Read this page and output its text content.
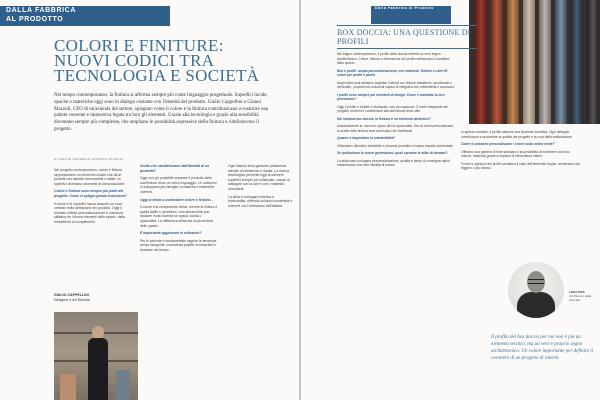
DALLA FABBRICA
AL PRODOTTO
COLORI E FINITURE: NUOVI CODICI TRA TECNOLOGIA E SOCIETÀ
Nel tempo contemporaneo, la finitura si afferma sempre più come linguaggio progettuale. Superfici lucide, opache o materiche oggi sono in dialogo costante con l'identità del prodotto. Giulio Cappellini e Gianni Mazzoli, CEO di un'azienda del settore, spiegano come il colore e la finitura contribuiscano a costruire una palette coerente e immersiva legata tra loro gli elementi. Grazie alla tecnologia e grazie alla sensibilità diventano sempre più complesse, che ampliano le possibilità espressive della finitura e ridefiniscono il progetto.
A CURA DI FEDERICO GIORGINI BIANCHI

Nel progetto contemporaneo, colore e finitura rappresentano un elemento chiave che dà ai prodotti una identità riconoscibile e tattile. Le superfici diventano strumenti di comunicazione.

Colore e finitura sono sempre più parte del progetto. Come si spiega questa evoluzione?

Il colore e le superfici hanno assunto un ruolo centrale nella definizione del prodotto. Oggi il mercato chiede personalizzazione e coerenza stilistica tra i diversi elementi dello spazio, dalla rubinetteria ai complementi.

Scelta che caratterizzano dall'identità di un prodotto?

Oggi non più possibile separare il prodotto dalla sua finitura: sono un unico linguaggio. Le collezioni si sviluppano per famiglie cromatiche e materiche coerenti.

Oggi si tende a confondere colore e finitura...

Il colore è la componente visiva, mentre la finitura è quella tattile e percettiva. Una stessa tinta può risultare molto diversa se opaca, lucida o spazzolata. La differenza influenza la percezione dello spazio.

È importante aggiornare le collezioni?

Per le aziende è fondamentale seguire le tendenze senza inseguirle, costruendo palette riconoscibili e durature nel tempo.

Ogni finitura deve garantire prestazioni elevate di resistenza e durata. La ricerca tecnologica permette oggi di ottenere superfici sempre più sofisticate, capaci di dialogare con la luce e con i materiali circostanti.

La sfida è coniugare estetica e funzionalità, offrendo soluzioni sostenibili e coerenti con l'evoluzione dell'abitare.

GIULIO CAPPELLINI
Designer e Art Director
Dalla Fabbrica al Prodotto
Intervista
BOX DOCCIA: UNA QUESTIONE DI PROFILI

Nel bagno contemporaneo, il profilo della doccia diventa un vero segno architettonico. Colore, finitura e dimensione del profilo definiscono il carattere dello spazio.

Box e profili: ampia personalizzazione, con materiali, finiture e oltre 60 colori per profili e pareti.

Negli ultimi anni abbiamo ampliato l'offerta con finiture metalliche, anodizzate e verniciate, proponendo soluzioni capaci di integrarsi con rubinetteria e accessori.

I profili sono sempre più elementi di design. Come è cambiata la loro percezione?

Oggi il profilo è visibile e dichiarato, non più nascosto. È parte integrante del progetto d'interni e contribuisce alla definizione dello stile.

Nel sistema box doccia, la finitura è un elemento distintivo?

Assolutamente sì: dal nero opaco all'oro spazzolato, fino ai colori personalizzati, la scelta della finitura crea continuità con l'ambiente.

Quanto è importante la sostenibilità?

Utilizziamo alluminio riciclabile e processi produttivi a basso impatto ambientale.

Se ipotizziamo le nuove generazioni, quali saranno le sfide di domani?

La sfida sarà coniugare personalizzazione, qualità e tempi di consegna rapidi, mantenendo una forte identità di marca.

In questo contesto, il profilo assume una funzione narrativa. Ogni dettaglio contribuisce a raccontare la qualità del progetto e la cura della realizzazione.

Come si possono personalizzare i colori sulla vostra veste?

Offriamo una gamma di tinte standard e la possibilità di richiedere colori su misura, realizzati grazie a impianti di verniciatura interni.

Forme e spessori dei profili cambiano il volto dell'ambiente bagno, rendendolo più leggero o più deciso.

LUCA PIVA
Art Director della Azienda
Il profilo del box doccia per noi non è più un elemento tecnico, ma un vero e proprio segno architettonico. Un colore importante per definire il carattere di un progetto di interni.
